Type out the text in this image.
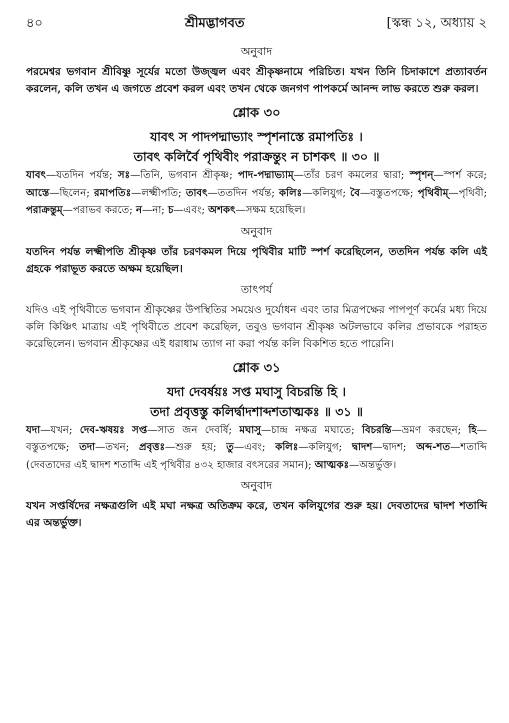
৪০	শ্রীমদ্ভাগবত	[স্কন্ধ ১২, অধ্যায় ২
অনুবাদ

পরমেশ্বর ভগবান শ্রীবিষ্ণু সূর্যের মতো উজ্জ্বল এবং শ্রীকৃষ্ণনামে পরিচিত। যখন তিনি চিদাকাশে প্রত্যাবর্তন করলেন, কলি তখন এ জগতে প্রবেশ করল এবং তখন থেকে জনগণ পাপকর্মে আনন্দ লাভ করতে শুরু করল।

শ্লোক ৩০
যাবৎ স পাদপদ্মাভ্যাং স্পৃশনাস্তে রমাপতিঃ ।
তাবৎ কলির্বৈ পৃথিবীং পরাক্রন্তুং ন চাশকৎ ॥ ৩০ ॥

যাবৎ—যতদিন পর্যন্ত; সঃ—তিনি, ভগবান শ্রীকৃষ্ণ; পাদ-পদ্মাভ্যাম্—তাঁর চরণ কমলের দ্বারা; স্পৃশন্—স্পর্শ করে; আস্তে—ছিলেন; রমাপতিঃ—লক্ষ্মীপতি; তাবৎ—ততদিন পর্যন্ত; কলিঃ—কলিযুগ; বৈ—বস্তুতপক্ষে; পৃথিবীম্—পৃথিবী; পরাক্রন্তুম্—পরাভব করতে; ন—না; চ—এবং; অশকৎ—সক্ষম হয়েছিল।

অনুবাদ

যতদিন পর্যন্ত লক্ষ্মীপতি শ্রীকৃষ্ণ তাঁর চরণকমল দিয়ে পৃথিবীর মাটি স্পর্শ করেছিলেন, ততদিন পর্যন্ত কলি এই গ্রহকে পরাভূত করতে অক্ষম হয়েছিল।

তাৎপর্য

যদিও এই পৃথিবীতে ভগবান শ্রীকৃষ্ণের উপস্থিতির সময়েও দুর্যোধন এবং তার মিত্রপক্ষের পাপপূর্ণ কর্মের মধ্য দিয়ে কলি কিঞ্চিৎ মাত্রায় এই পৃথিবীতে প্রবেশ করেছিল, তবুও ভগবান শ্রীকৃষ্ণ অটলভাবে কলির প্রভাবকে পরাহত করেছিলেন। ভগবান শ্রীকৃষ্ণের এই ধরাধাম ত্যাগ না করা পর্যন্ত কলি বিকশিত হতে পারেনি।

শ্লোক ৩১
যদা দেবর্ষয়ঃ সপ্ত মঘাসু বিচরন্তি হি ।
তদা প্রবৃত্তস্তু কলির্দ্বাদশাব্দশতাত্মকঃ ॥ ৩১ ॥

যদা—যখন; দেব-ঋষয়ঃ সপ্ত—সাত জন দেবর্ষি; মঘাসু—চান্দ্র নক্ষত্র মঘাতে; বিচরন্তি—ভ্রমণ করছেন; হি—বস্তুতপক্ষে; তদা—তখন; প্রবৃত্তঃ—শুরু হয়; তু—এবং; কলিঃ—কলিযুগ; দ্বাদশ—দ্বাদশ; অব্দ-শত—শতাব্দি (দেবতাদের এই দ্বাদশ শতাব্দি এই পৃথিবীর ৪৩২ হাজার বৎসরের সমান); আত্মকঃ—অন্তর্ভুক্ত।

অনুবাদ

যখন সপ্তর্ষিদের নক্ষত্রগুলি এই মঘা নক্ষত্র অতিক্রম করে, তখন কলিযুগের শুরু হয়। দেবতাদের দ্বাদশ শতাব্দি এর অন্তর্ভুক্ত।
